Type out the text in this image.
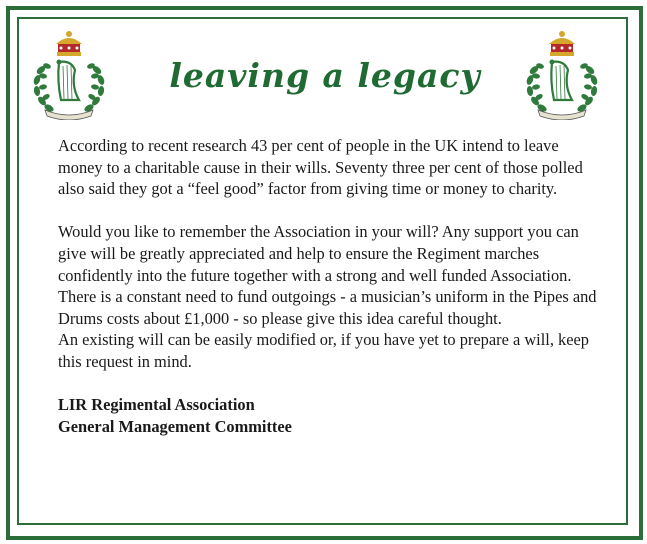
leaving a legacy

According to recent research 43 per cent of people in the UK intend to leave money to a charitable cause in their wills. Seventy three per cent of those polled also said they got a “feel good” factor from giving time or money to charity.

Would you like to remember the Association in your will? Any support you can give will be greatly appreciated and help to ensure the Regiment marches confidently into the future together with a strong and well funded Association. There is a constant need to fund outgoings - a musician’s uniform in the Pipes and Drums costs about £1,000 - so please give this idea careful thought.

An existing will can be easily modified or, if you have yet to prepare a will, keep this request in mind.

LIR Regimental Association

General Management Committee
